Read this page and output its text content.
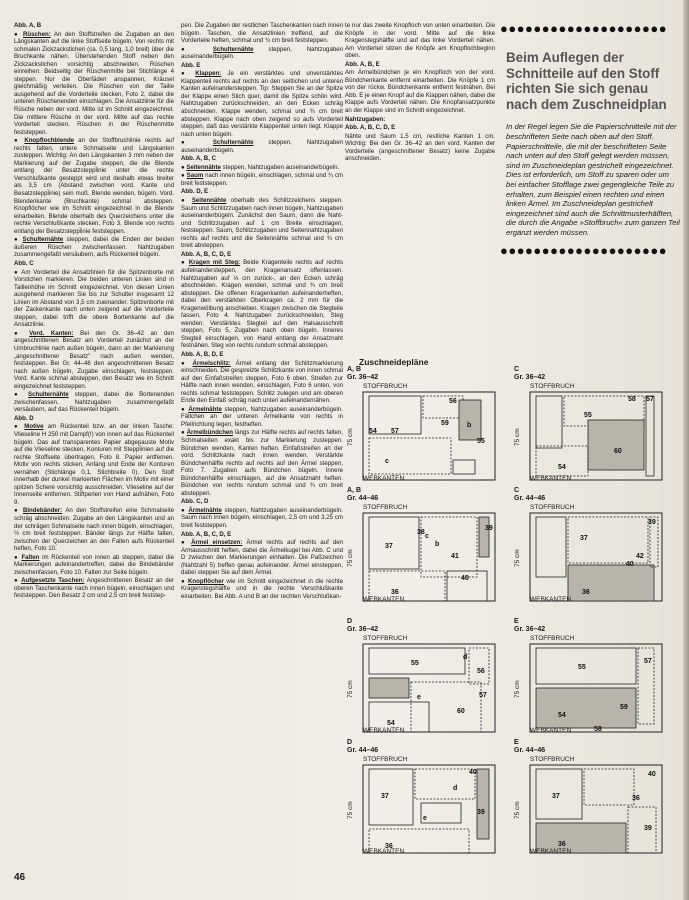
Abb. A, B

● Rüschen: An den Stoffstreifen die Zugaben an den Längskanten auf die linke Stoffseite bügeln. Von rechts mit schmalen Zickzackstichen (ca. 0,5 lang, 1,0 breit) über die Bruchkante nähen. Überstehenden Stoff neben den Zickzackstichen vorsichtig abschneiden. Rüschen einreihen: Beidseitig der Rüschenmitte bei Stichlänge 4 steppen. Nur die Oberfäden anspannen, Kräusel gleichmäßig verteilen. Die Rüschen von der Taille ausgehend auf die Vorderteile stecken, Foto 2, dabei die unteren Rüschenenden einschlagen. Die Ansatzlinie für die Rüsche neben der vord. Mitte ist im Schnitt eingezeichnet. Die mittlere Rüsche in der vord. Mitte auf das rechte Vorderteil stecken. Rüschen in der Rüschenmitte feststeppen.

● Knopflochblende an der Stoffbruchlinie rechts auf rechts falten, untere Schmalseite und Längskanten zusteppen. Wichtig: An den Längskanten 3 mm neben der Markierung auf der Zugabe steppen, die die Blende entlang der Besatzsteppl̈inie unter die rechte Verschlußkante gesteppt wird und deshalb etwas breiter als 3,5 cm (Abstand zwischen vord. Kante und Besatzsteppl̈inie) sein muß. Blende wenden, bügeln. Vord. Blendenkante (Bruchkante) schmal absteppen. Knopflöcher wie im Schnitt eingezeichnet in die Blende einarbeiten. Blende oberhalb des Querzeichens unter die rechte Verschlußkante stecken, Foto 3. Blende von rechts entlang der Besatzsteppl̈inie feststeppen.

● Schulternähte steppen, dabei die Enden der beiden äußeren Rüschen zwischenfassen. Nahtzugaben zusammengefaßt versäubern, aufs Rückenteil bügeln.

Abb. C

● Am Vorderteil die Ansatzlinien für die Spitzenborte mit Vorstichen markieren. Die beiden unteren Linien sind in Taillenhöhe im Schnitt eingezeichnet. Von diesen Linien ausgehend markieren Sie bis zur Schulter insgesamt 12 Linien im Abstand von 3,5 cm zueinander. Spitzenborte mit der Zackenkante nach unten zeigend auf die Vorderteile steppen, dabei trifft die obere Bortenkante auf die Ansatzlinie.

● Vord. Kanten: Bei den Gr. 36–42 an den angeschnittenen Besatz am Vorderteil zunächst an der Umbruchlinie nach außen bügeln, dann an der Markierung „angeschnittener Besatz" nach außen wenden, feststeppen. Bei Gr. 44–46 den angeschnittenen Besatz nach außen bügeln, Zugabe einschlagen, feststeppen. Vord. Kante schmal absteppen, den Besatz wie im Schnitt eingezeichnet feststeppen.

● Schulternähte steppen, dabei die Bortenenden zwischenfassen. Nahtzugaben zusammengefaßt versäubern, auf das Rückenteil bügeln.

Abb. D

● Motive am Rückenteil bzw. an der linken Tasche: Vlieseline H 250 mit Dampf(!) von innen auf das Rückenteil bügeln. Das auf transparentes Papier abgepauste Motiv auf die Vlieseline stecken, Konturen mit Steppl̈inien auf die rechte Stoffseite übertragen, Foto 8. Papier entfernen. Motiv von rechts sticken, Anfang und Ende der Konturen vernähen (Stichlänge 0,1, Stichbreite 0). Den Stoff innerhalb der dunkel markierten Flächen im Motiv mit einer spitzen Schere vorsichtig ausschneiden. Vlieseline auf der Innenseite entfernen. Stiftperlen von Hand aufnähen, Foto 9.

● Bindebänder: An den Stoffstreifen eine Schmalseite schräg abschneiden. Zugabe an den Längskanten und an der schrägen Schmalseite nach innen bügeln, einschlagen, ½ cm breit feststeppen. Bänder längs zur Hälfte falten, zwischen der Querzeichen an den Falten aufs Rückenteil heften, Foto 10.

● Falten im Rückenteil von innen ab steppen, dabei die Markierungen aufeinandertreffen, dabei die Bindebänder zwischenfassen, Foto 10. Falten zur Seite bügeln.

● Aufgesetzte Taschen: Angeschnittenen Besatz an der oberen Taschenkante nach innen bügeln, einschlagen und feststeppen. Den Besatz 2 cm und 2,5 cm breit feststep-

pen. Die Zugaben der restlichen Taschenkanten nach innen bügeln. Taschen, die Ansatzlinien treffend, auf die Vorderteile heften, schmal und ¾ cm breit feststeppen.

● Schulternähte steppen, Nahtzugaben auseinanderbügeln.

Abb. E

● Klappen: Je ein verstärktes und unverstärktes Klappenteil rechts auf rechts an den seitlichen und unteren Kanten aufeinandersteppen. Tip: Steppen Sie an der Spitze der Klappe einen Stich quer, damit die Spitze schön wird. Nahtzugaben zurückschneiden, an den Ecken schräg abschneiden. Klappe wenden, schmal und ¾ cm breit absteppen. Klappe nach oben zeigend so aufs Vorderteil steppen, daß das verstärkte Klappenteil unten liegt. Klappe nach unten bügeln.

● Schulternähte steppen, Nahtzugaben auseinanderbügeln.

Abb. A, B, C

● Seitennähte steppen, Nahtzugaben auseinanderbügeln.

● Saum nach innen bügeln, einschlagen, schmal und ¾ cm breit feststeppen.

Abb. D, E

● Seitennähte oberhalb des Schlitzzeichens steppen. Saum und Schlitzzugaben nach innen bügeln, Nahtzugaben auseinanderbügeln. Zunächst den Saum, dann die Naht- und Schlitzzugaben auf 1 cm Breite einschlagen, feststeppen. Saum, Schlitzzugaben und Seitennahtzugaben rechts auf rechts und die Seitennähte schmal und ¾ cm breit absteppen.

Abb. A, B, C, D, E

● Kragen mit Steg: Beide Kragenteile rechts auf rechts aufeinandersteppen, den Kragenansatz offenlassen. Nahtzugaben auf ⅓ cm zurück-, an den Ecken schräg abschneiden. Kragen wenden, schmal und ¾ cm breit absteppen. Die offenen Kragenkanten aufeinanderheften, dabei den verstärkten Oberkragen ca. 2 mm für die Kragenwölbung anschieben. Kragen zwischen die Stegteile fassen, Foto 4. Nahtzugaben zurückschneiden, Steg wenden. Verstärktes Stegteil auf den Halsausschnitt steppen, Foto 5, Zugaben nach oben bügeln. Inneres Stegteil einschlagen, von Hand entlang der Ansatznaht festnähen. Steg von rechts rundum schmal absteppen.

Abb. A, B, D, E

● Ärmelschlitz: Ärmel entlang der Schlitzmarkierung einschneiden. Die gespreizte Schlitzkante von innen schmal auf den Einfaßstreifen steppen, Foto 6 oben. Streifen zur Hälfte nach innen wenden, einschlagen, Foto 6 unten, von rechts schmal feststeppen. Schlitz zulegen und am oberen Ende den Einfaß schräg nach unten aufeinandernähen.

● Ärmelnähte steppen, Nahtzugaben auseinanderbügeln. Fältchen an der unteren Ärmelkante von rechts in Pfeilrichtung legen, festheften.

● Ärmelbündchen längs zur Hälfte rechts auf rechts falten, Schmalseiten exakt bis zur Markierung zusteppen. Bündchen wenden, Kanten heften. Einfaßstreifen an der vord. Schlitzkante nach innen wenden. Verstärkte Bündchenhälfte rechts auf rechts auf den Ärmel steppen, Foto 7. Zugaben aufs Bündchen bügeln. Innere Bündchenhälfte einschlagen, auf die Ansatznaht heften. Bündchen von rechts rundum schmal und ¾ cm breit absteppen.

Abb. C, D

● Ärmelnähte steppen, Nahtzugaben auseinanderbügeln. Saum nach innen bügeln, einschlagen, 2,5 cm und 3,25 cm breit feststeppen.

Abb. A, B, C, D, E

● Ärmel einsetzen: Ärmel rechts auf rechts auf den Armausschnitt heften, dabei die Ärmelkugel bei Abb. C und D zwischen den Markierungen einhalten. Die Paßzeichen (Nahtzahl 5) treffen genau aufeinander. Ärmel einsteppen, dabei steppen Sie auf dem Ärmel.

● Knopflöcher wie im Schnitt eingezeichnet in die rechte Kragenstegshälfte und in die rechte Verschlußkante einarbeiten. Bei Abb. A und B an der rechten Verschlußkan-

te nur das zweite Knopfloch von unten einarbeiten. Die Knöpfe in der vord. Mitte auf die linke Kragenstegshälfte und auf das linke Vorderteil nähen. Am Vorderteil sitzen die Knöpfe am Knopflochbeginn oben.

Abb. A, B, E

Am Ärmelbündchen je ein Knopfloch von der vord. Bündchenkante entfernt einarbeiten. Die Knöpfe 1 cm von der rückw. Bündchenkante entfernt festnähen. Bei Abb. E je einen Knopf auf die Klappen nähen, dabei die Klappe aufs Vorderteil nähen. Die Knopfansatzpunkte an der Klappe sind im Schnitt eingezeichnet.

Nahtzugaben:

Abb. A, B, C, D, E

Nähte und Saum 1,5 cm, restliche Kanten 1 cm. Wichtig: Bei den Gr. 36–42 an den vord. Kanten der Vorderteile (angeschnittener Besatz) keine Zugabe anschneiden.

●●●●●●●●●●●●●●●●●●●●
Beim Auflegen der Schnitteile auf den Stoff richten Sie sich genau nach dem Zuschneidplan
In der Regel legen Sie die Papierschnitteile mit der beschrifteten Seite nach oben auf den Stoff. Papierschnitteile, die mit der beschrifteten Seite nach unten auf den Stoff gelegt werden müssen, sind im Zuschneideplan gestrichelt eingezeichnet. Dies ist erforderlich, um Stoff zu sparen oder um bei einfacher Stofflage zwei gegengleiche Teile zu erhalten, zum Beispiel einen rechten und einen linken Ärmel. Im Zuschneideplan gestrichelt eingezeichnet sind auch die Schnittmusterhälften, die durch die Angabe »Stoffbruch« zum ganzen Teil ergänzt werden müssen.
●●●●●●●●●●●●●●●●●●●●
Zuschneidepläne
A, B
Gr. 36–42
STOFFBRUCH
75 cm
56
59
54
c
b
57
55
WEBKANTEN
C
Gr. 36–42
STOFFBRUCH
75 cm
58 57
55
60
54
WEBKANTEN
A, B
Gr. 44–46
STOFFBRUCH
75 cm
37
38
41
40
39
36
c
b
WEBKANTEN
C
Gr. 44–46
STOFFBRUCH
75 cm
39
37
40
42
36
WEBKANTEN
D
Gr. 36–42
STOFFBRUCH
75 cm
55
d
56
57
e
60
54
WEBKANTEN
E
Gr. 36–42
STOFFBRUCH
75 cm
55
57
59
54
58
WEBKANTEN
D
Gr. 44–46
STOFFBRUCH
75 cm
40
37
39
36
e
d
WEBKANTEN
E
Gr. 44–46
STOFFBRUCH
75 cm
37
36
39
36
40
WEBKANTEN
46
